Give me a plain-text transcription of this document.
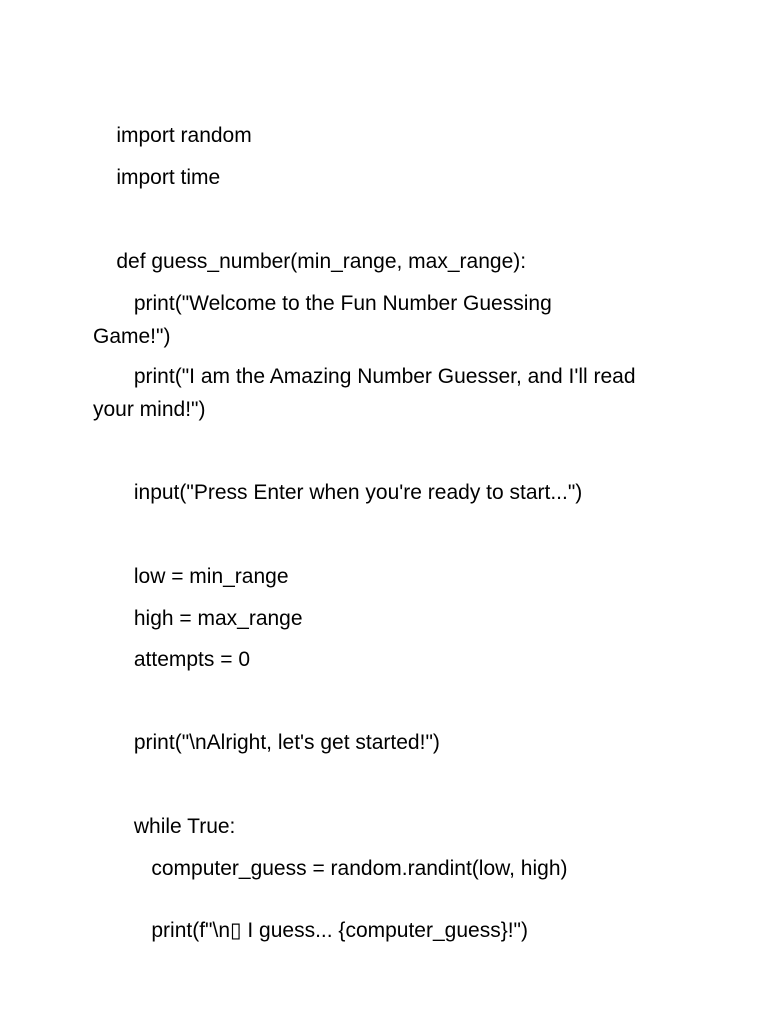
import random

import time

def guess_number(min_range, max_range):

print("Welcome to the Fun Number Guessing Game!")

print("I am the Amazing Number Guesser, and I'll read your mind!")

input("Press Enter when you're ready to start...")

low = min_range

high = max_range

attempts = 0

print("\nAlright, let's get started!")

while True:

computer_guess = random.randint(low, high)

print(f"\n▯ I guess... {computer_guess}!")
